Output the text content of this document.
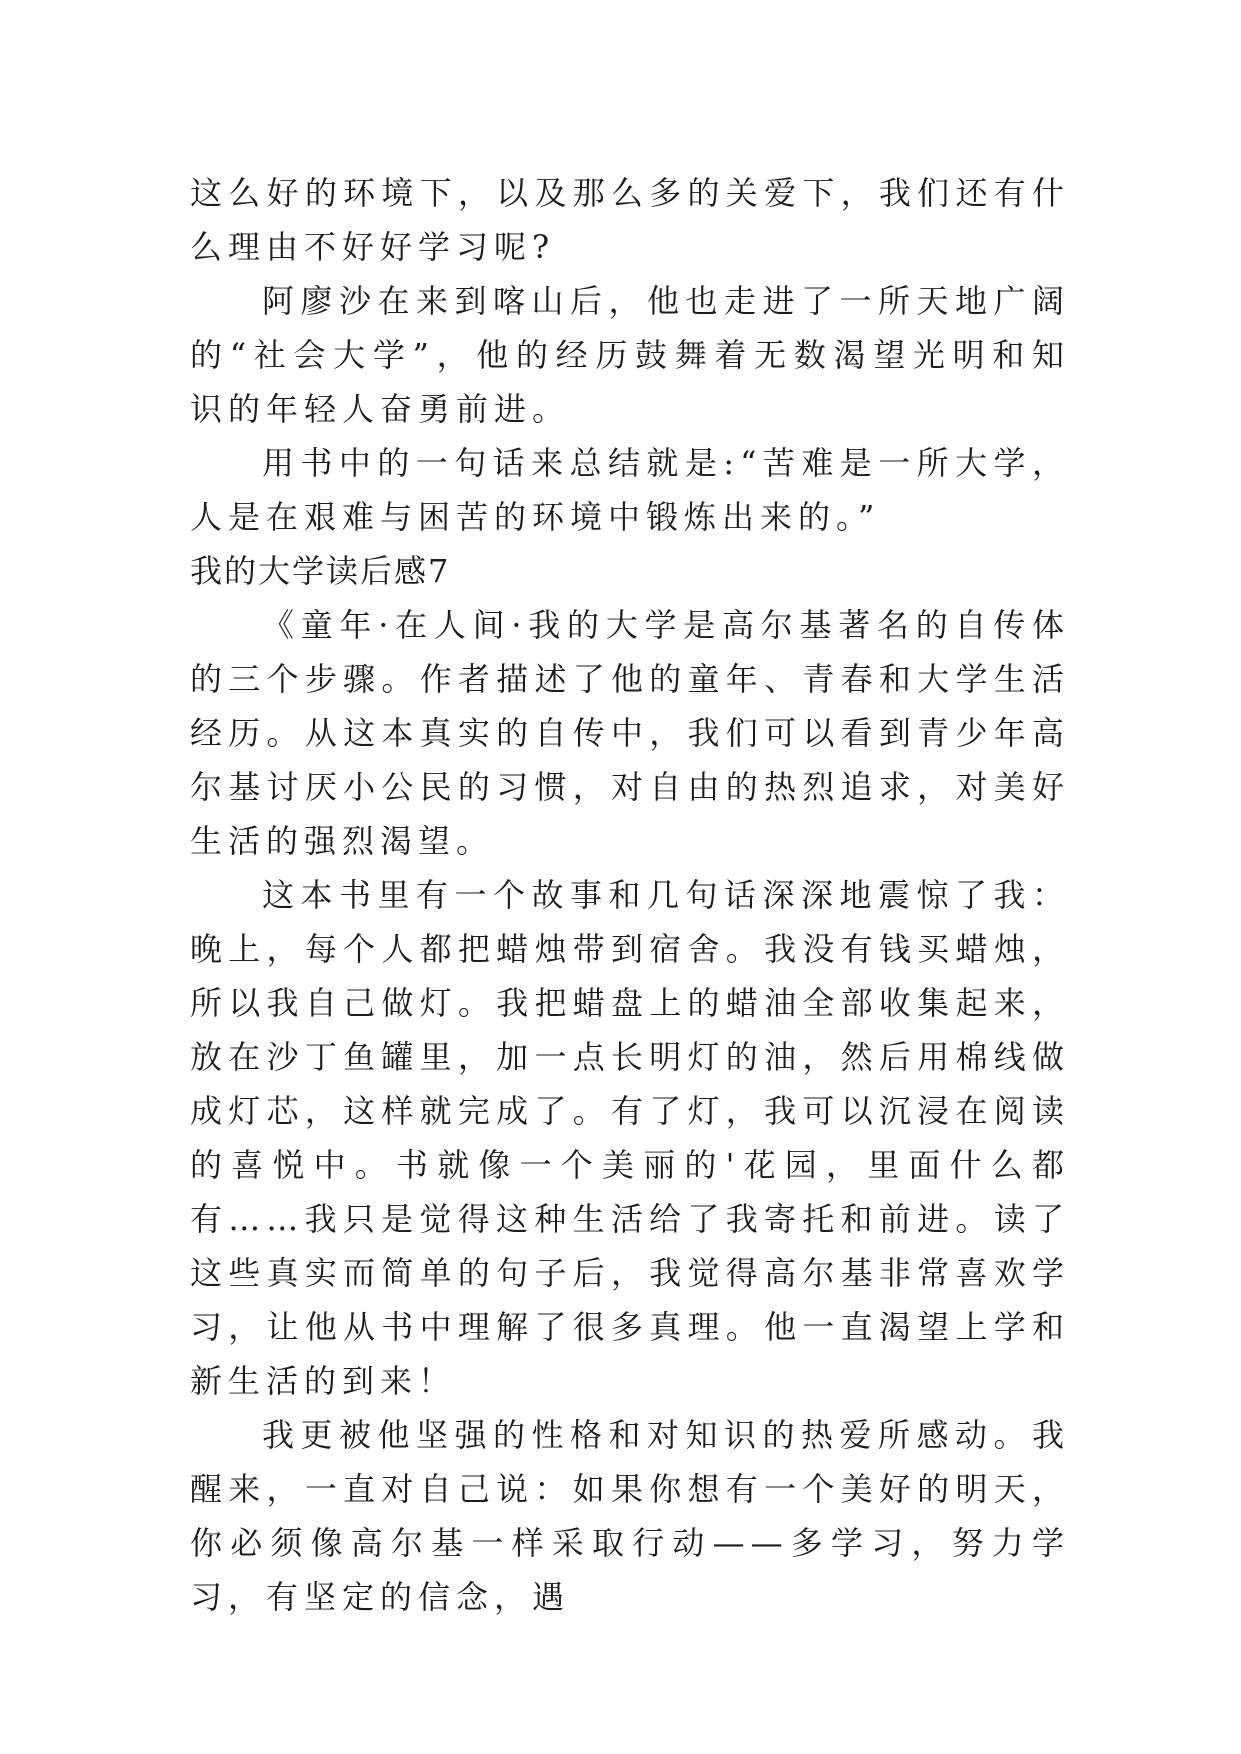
这么好的环境下，以及那么多的关爱下，我们还有什么理由不好好学习呢?

阿廖沙在来到喀山后，他也走进了一所天地广阔的“社会大学”，他的经历鼓舞着无数渴望光明和知识的年轻人奋勇前进。

用书中的一句话来总结就是:“苦难是一所大学，人是在艰难与困苦的环境中锻炼出来的。”

我的大学读后感7

《童年·在人间·我的大学是高尔基著名的自传体的三个步骤。作者描述了他的童年、青春和大学生活经历。从这本真实的自传中，我们可以看到青少年高尔基讨厌小公民的习惯，对自由的热烈追求，对美好生活的强烈渴望。

这本书里有一个故事和几句话深深地震惊了我：晚上，每个人都把蜡烛带到宿舍。我没有钱买蜡烛，所以我自己做灯。我把蜡盘上的蜡油全部收集起来，放在沙丁鱼罐里，加一点长明灯的油，然后用棉线做成灯芯，这样就完成了。有了灯，我可以沉浸在阅读的喜悦中。书就像一个美丽的'花园，里面什么都有……我只是觉得这种生活给了我寄托和前进。读了这些真实而简单的句子后，我觉得高尔基非常喜欢学习，让他从书中理解了很多真理。他一直渴望上学和新生活的到来！

我更被他坚强的性格和对知识的热爱所感动。我醒来，一直对自己说：如果你想有一个美好的明天，你必须像高尔基一样采取行动——多学习，努力学习，有坚定的信念，遇
